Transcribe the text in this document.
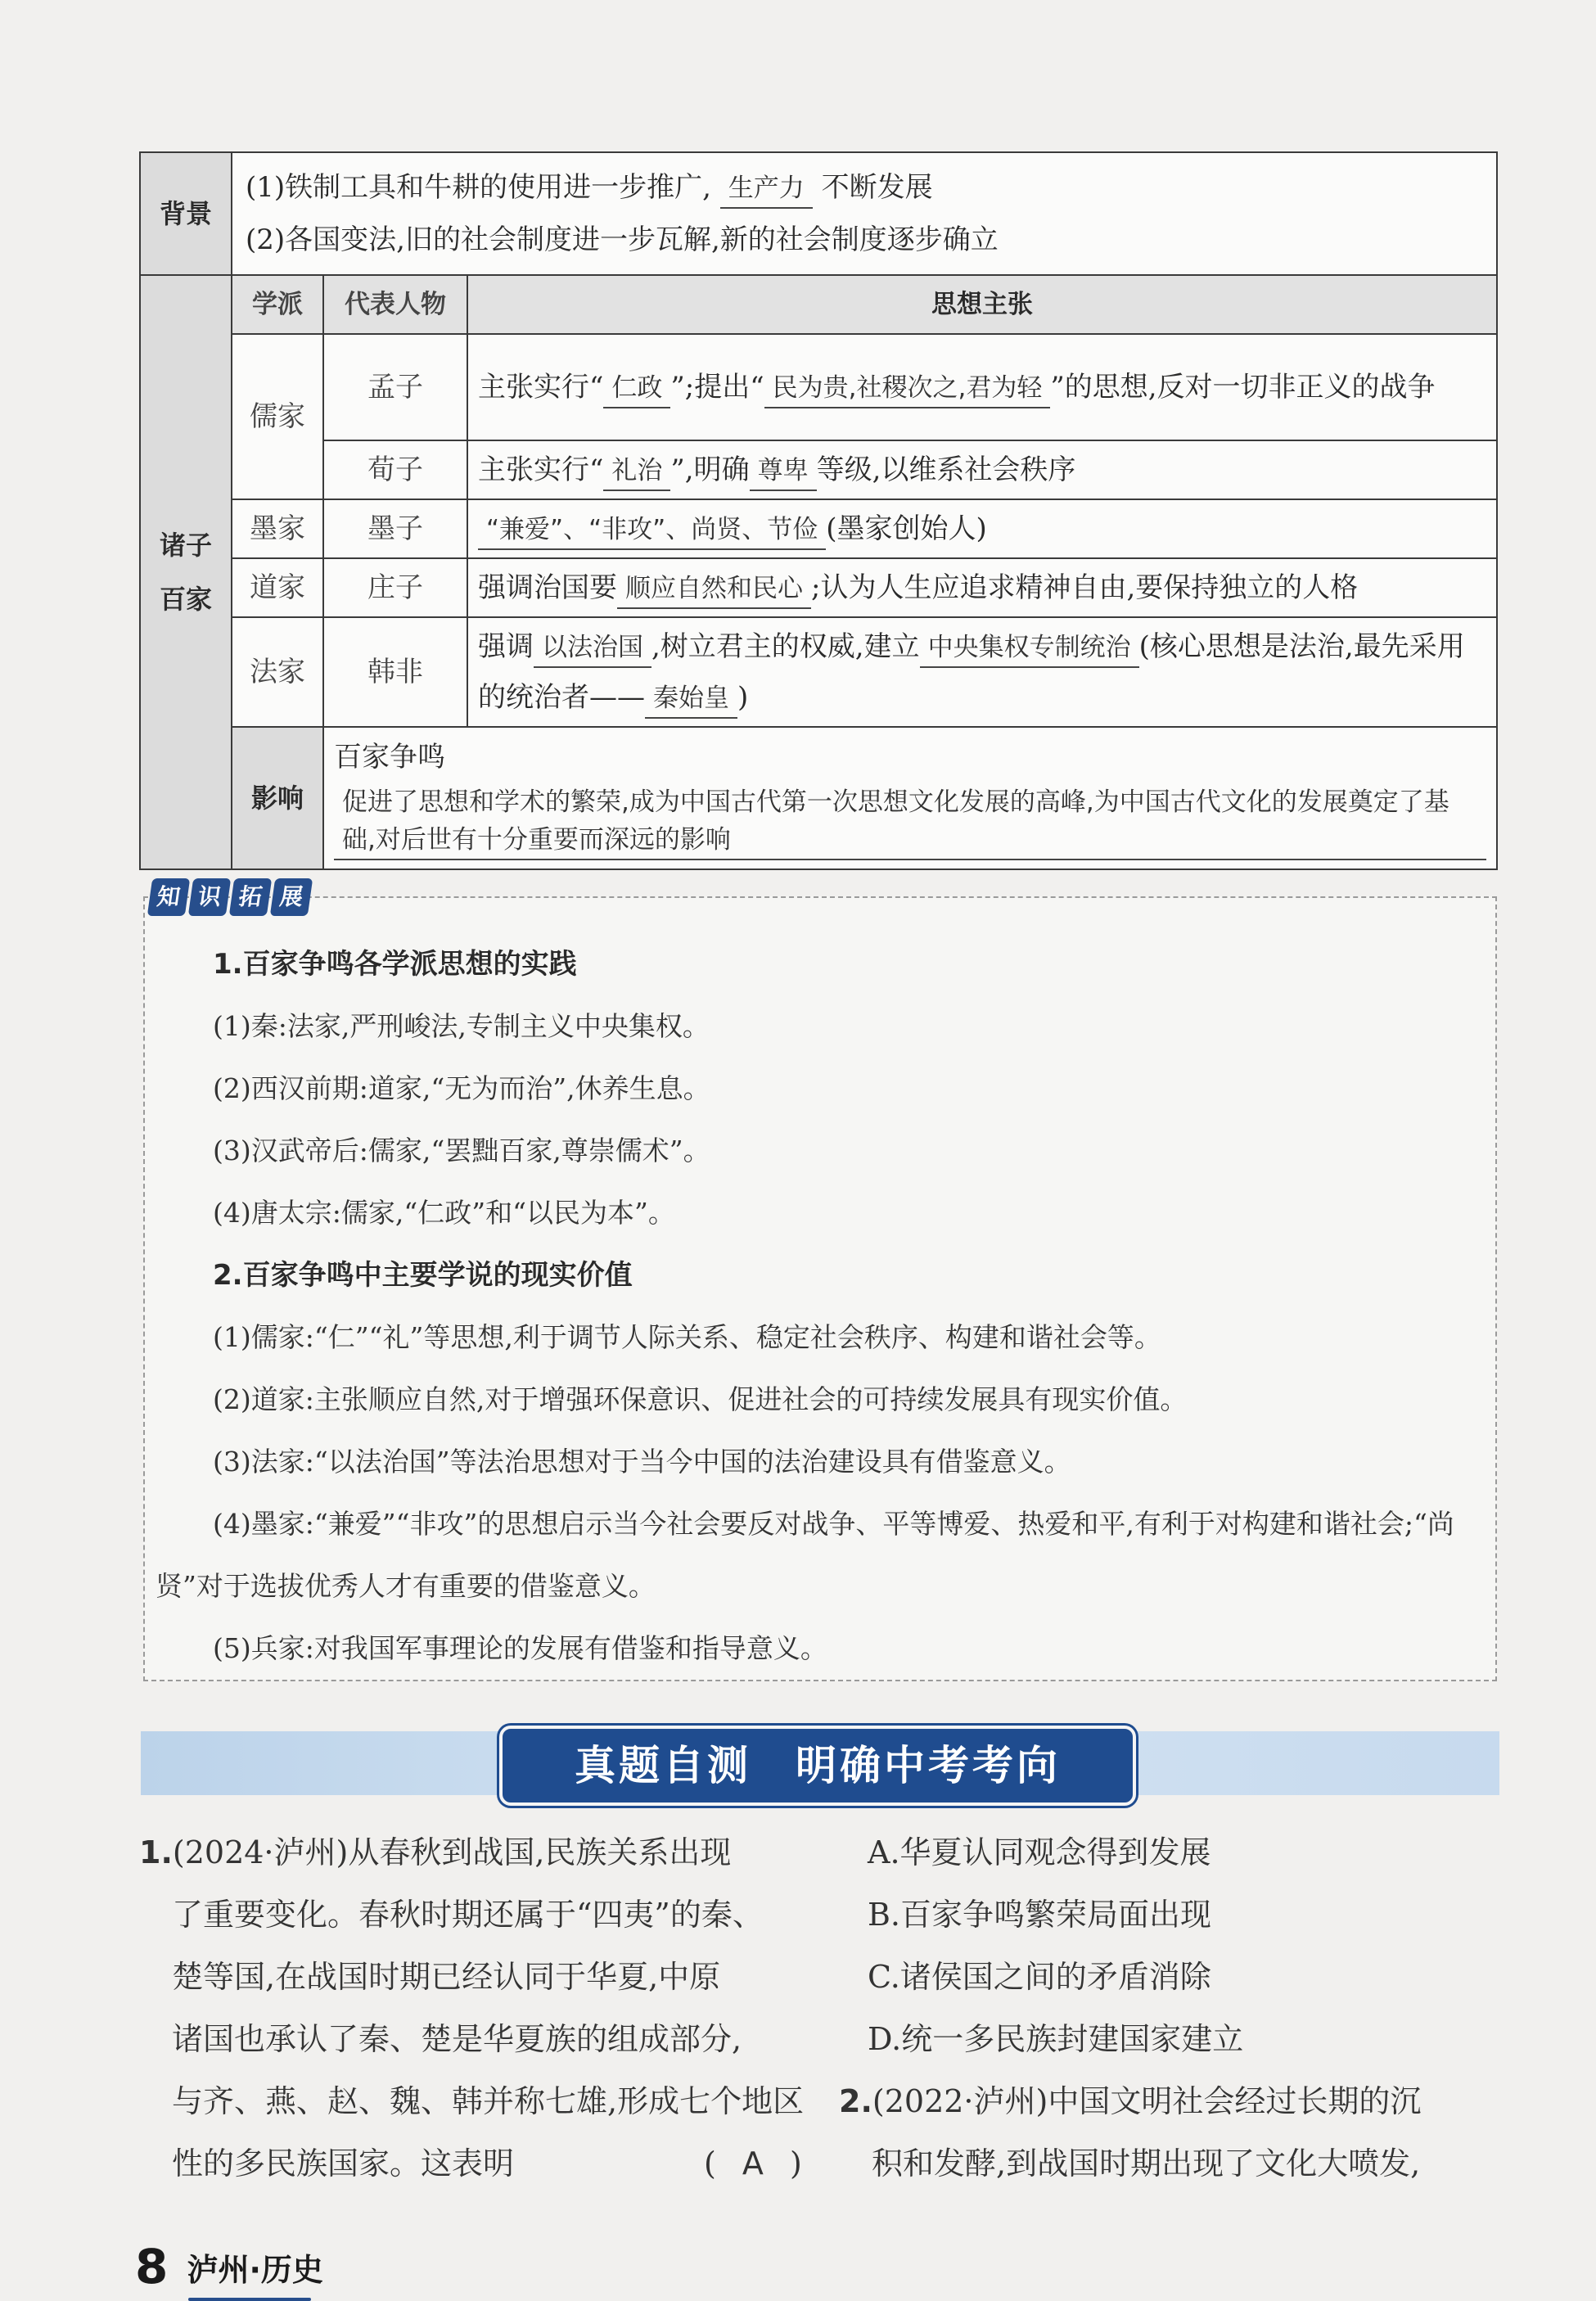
背景	(1)铁制工具和牛耕的使用进一步推广, 生产力 不断发展
(2)各国变法,旧的社会制度进一步瓦解,新的社会制度逐步确立		

诸子
百家	学派	代表人物	思想主张
	儒家	孟子	主张实行“ 仁政 ”;提出“ 民为贵,社稷次之,君为轻 ”的思想,反对一切非正义的战争
		荀子	主张实行“ 礼治 ”,明确 尊卑 等级,以维系社会秩序
	墨家	墨子	“兼爱”、“非攻”、尚贤、节俭 (墨家创始人)
	道家	庄子	强调治国要 顺应自然和民心 ;认为人生应追求精神自由,要保持独立的人格
	法家	韩非	强调 以法治国 ,树立君主的权威,建立 中央集权专制统治 (核心思想是法治,最先采用的统治者—— 秦始皇 )
	影响	百家争鸣促进了思想和学术的繁荣,成为中国古代第一次思想文化发展的高峰,为中国古代文化的发展奠定了基础,对后世有十分重要而深远的影响	
知 识 拓 展
1.百家争鸣各学派思想的实践
(1)秦:法家,严刑峻法,专制主义中央集权。
(2)西汉前期:道家,“无为而治”,休养生息。
(3)汉武帝后:儒家,“罢黜百家,尊崇儒术”。
(4)唐太宗:儒家,“仁政”和“以民为本”。
2.百家争鸣中主要学说的现实价值
(1)儒家:“仁”“礼”等思想,利于调节人际关系、稳定社会秩序、构建和谐社会等。
(2)道家:主张顺应自然,对于增强环保意识、促进社会的可持续发展具有现实价值。
(3)法家:“以法治国”等法治思想对于当今中国的法治建设具有借鉴意义。
(4)墨家:“兼爱”“非攻”的思想启示当今社会要反对战争、平等博爱、热爱和平,有利于对构建和谐社会;“尚贤”对于选拔优秀人才有重要的借鉴意义。
(5)兵家:对我国军事理论的发展有借鉴和指导意义。
真题自测　明确中考考向
1.(2024·泸州)从春秋到战国,民族关系出现
了重要变化。春秋时期还属于“四夷”的秦、
楚等国,在战国时期已经认同于华夏,中原
诸国也承认了秦、楚是华夏族的组成部分,
与齐、燕、赵、魏、韩并称七雄,形成七个地区
性的多民族国家。这表明	( A )
A.华夏认同观念得到发展
B.百家争鸣繁荣局面出现
C.诸侯国之间的矛盾消除
D.统一多民族封建国家建立
2.(2022·泸州)中国文明社会经过长期的沉
积和发酵,到战国时期出现了文化大喷发,
8 泸州·历史
